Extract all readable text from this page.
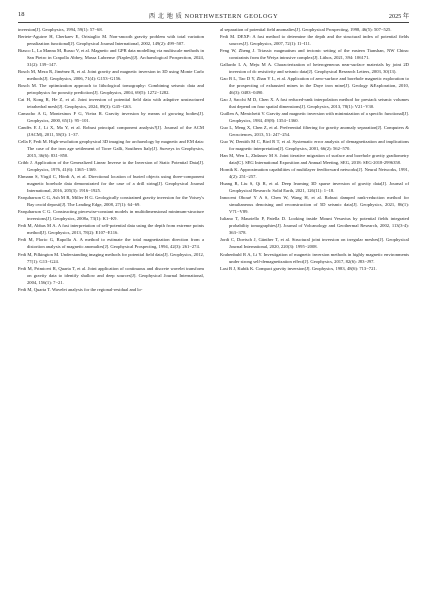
18	西 北 地 质 NORTHWESTERN GEOLOGY	2025 年

inversion[J]. Geophysics, 1994, 59(1): 57−68.

Bertete-Aguirre H, Cherkaev E, Oristaglio M. Non-smooth gravity problem with total variation penalization functional[J]. Geophysical Journal International, 2002, 149(2): 499−507.

Biasco L, La Manna M, Russo V, et al. Magnetic and GPR data modelling via multiscale methods in San Pietro in Crapolla Abbey, Massa Lubrense (Naples)[J]. Archaeological Prospection, 2024, 31(2): 139−147.

Bosch M, Meza R, Jiménez R, et al. Joint gravity and magnetic inversion in 3D using Monte Carlo methods[J]. Geophysics, 2006, 71(4): G153−G156.

Bosch M. The optimization approach to lithological tomography: Combining seismic data and petrophysics for porosity prediction[J]. Geophysics, 2004, 69(5): 1272−1282.

Cai H, Kong R, He Z, et al. Joint inversion of potential field data with adaptive unstructured tetrahedral mesh[J]. Geophysics, 2024, 89(3): G45−G63.

Camacho A G, Montesinos F G, Vieira R. Gravity inversion by means of growing bodies[J]. Geophysics, 2000, 65(1): 95−101.

Candès E J, Li X, Ma Y, et al. Robust principal component analysis?[J]. Journal of the ACM (JACM), 2011, 58(3): 1−37.

Cella F, Fedi M. High-resolution geophysical 3D imaging for archaeology by magnetic and EM data: The case of the iron age settlement of Torre Galli, Southern Italy[J]. Surveys in Geophysics, 2015, 36(6): 831−850.

Cribb J. Application of the Generalized Linear Inverse to the Inversion of Static Potential Data[J]. Geophysics, 1976, 41(6): 1365−1369.

Ehmann S, Virgil C, Hördt A, et al. Directional location of buried objects using three-component magnetic borehole data demonstrated for the case of a drill string[J]. Geophysical Journal International, 2016, 205(3): 1916−1925.

Farquharson C G, Ash M R, Miller H G. Geologically constrained gravity inversion for the Voisey's Bay ovoid deposit[J]. The Leading Edge, 2008, 27(1): 64−69.

Farquharson C G. Constructing piecewise-constant models in multidimensional minimum-structure inversions[J]. Geophysics, 2008a, 73(1): K1−K9.

Fedi M, Abbas M A. A fast interpretation of self-potential data using the depth from extreme points method[J]. Geophysics, 2013, 78(2): E107−E116.

Fedi M, Florio G, Rapolla A. A method to estimate the total magnetization direction from a distortion analysis of magnetic anomalies[J]. Geophysical Prospecting, 1994, 42(3): 261−274.

Fedi M, Pilkington M. Understanding imaging methods for potential field data[J]. Geophysics, 2012, 77(1): G13−G24.

Fedi M, Primiceri R, Quarta T, et al. Joint application of continuous and discrete wavelet transform on gravity data to identify shallow and deep sources[J]. Geophysical Journal International, 2004, 156(1): 7−21.

Fedi M, Quarta T. Wavelet analysis for the regional-residual and lo-

al separation of potential field anomalies[J]. Geophysical Prospecting, 1998, 46(5): 507−525.

Fedi M. DEXP: A fast method to determine the depth and the structural index of potential fields sources[J]. Geophysics, 2007, 72(1): I1−I11.

Feng W, Zheng J. Triassic magmatism and tectonic setting of the eastern Tianshan, NW China: constraints from the Weiya intrusive complex[J]. Lithos, 2021, 394: 106171.

Gallardo L A, Meju M A. Characterization of heterogeneous near-surface materials by joint 2D inversion of dc resistivity and seismic data[J]. Geophysical Research Letters, 2003, 30(13).

Gao B L, Tao D Y, Zhan Y L, et al. Application of aero-surface and borehole magnetic exploration to the prospecting of exhausted mines in the Daye iron mine[J]. Geology &Exploration, 2010, 46(3): 0483−0490.

Gao J, Sacchi M D, Chen X. A fast reduced-rank interpolation method for prestack seismic volumes that depend on four spatial dimensions[J]. Geophysics, 2013, 78(1): V21−V30.

Guillen A, Menichetti V. Gravity and magnetic inversion with minimization of a specific functional[J]. Geophysics, 1984, 49(8): 1354−1360.

Guo L, Meng X, Chen Z, et al. Preferential filtering for gravity anomaly separation[J]. Computers & Geosciences, 2013, 51: 247−254.

Guo W, Dentith M C, Bird R T, et al. Systematic error analysis of demagnetization and implications for magnetic interpretation[J]. Geophysics, 2001, 66(2): 562−570.

Han M, Wen L, Zhdanov M S. Joint iterative migration of surface and borehole gravity gradiometry data[C]. SEG International Exposition and Annual Meeting, SEG, 2018: SEG-2018-2996358.

Hornik K. Approximation capabilities of multilayer feedforward networks[J]. Neural Networks, 1991, 4(2): 251−257.

Huang R, Liu S, Qi R, et al. Deep learning 3D sparse inversion of gravity data[J]. Journal of Geophysical Research: Solid Earth, 2021, 126(11): 1−18.

Innocent Oboué Y A S, Chen W, Wang H, et al. Robust damped rank-reduction method for simultaneous denoising and reconstruction of 5D seismic data[J]. Geophysics, 2021, 86(1): V71−V89.

Iuliano T, Mauriello P, Patella D. Looking inside Mount Vesuvius by potential fields integrated probability tomographies[J]. Journal of Volcanology and Geothermal Research, 2002, 113(3-4): 363−378.

Jordi C, Doetsch J, Günther T, et al. Structural joint inversion on irregular meshes[J]. Geophysical Journal International, 2020, 220(3): 1995−2008.

Krahenbuhl R A, Li Y. Investigation of magnetic inversion methods in highly magnetic environments under strong self-demagnetization effect[J]. Geophysics, 2017, 82(6): J83−J97.

Last B J, Kubik K. Compact gravity inversion[J]. Geophysics, 1983, 48(6): 713−721.
